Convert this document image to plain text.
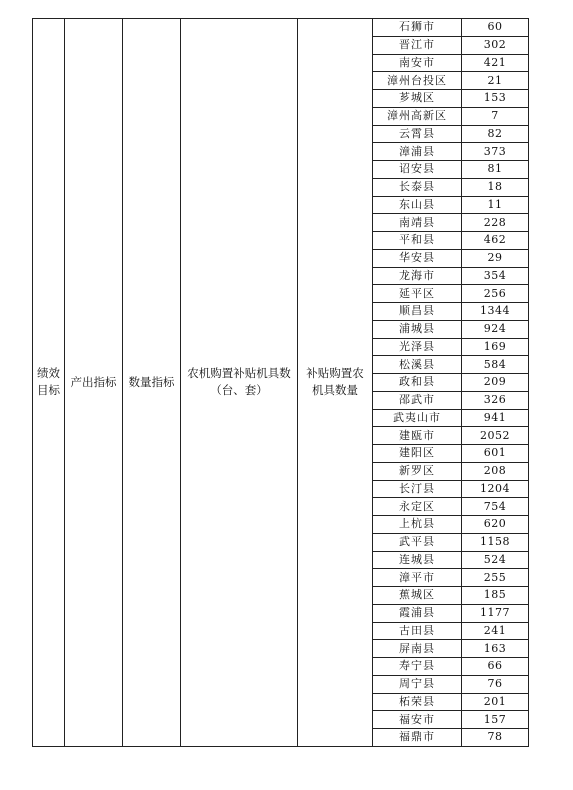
绩效目标	产出指标	数量指标	农机购置补贴机具数（台、套）	补贴购置农机具数量	石狮市	60
					晋江市	302
					南安市	421
					漳州台投区	21
					芗城区	153
					漳州高新区	7
					云霄县	82
					漳浦县	373
					诏安县	81
					长泰县	18
					东山县	11
					南靖县	228
					平和县	462
					华安县	29
					龙海市	354
					延平区	256
					顺昌县	1344
					浦城县	924
					光泽县	169
					松溪县	584
					政和县	209
					邵武市	326
					武夷山市	941
					建瓯市	2052
					建阳区	601
					新罗区	208
					长汀县	1204
					永定区	754
					上杭县	620
					武平县	1158
					连城县	524
					漳平市	255
					蕉城区	185
					霞浦县	1177
					古田县	241
					屏南县	163
					寿宁县	66
					周宁县	76
					柘荣县	201
					福安市	157
					福鼎市	78
